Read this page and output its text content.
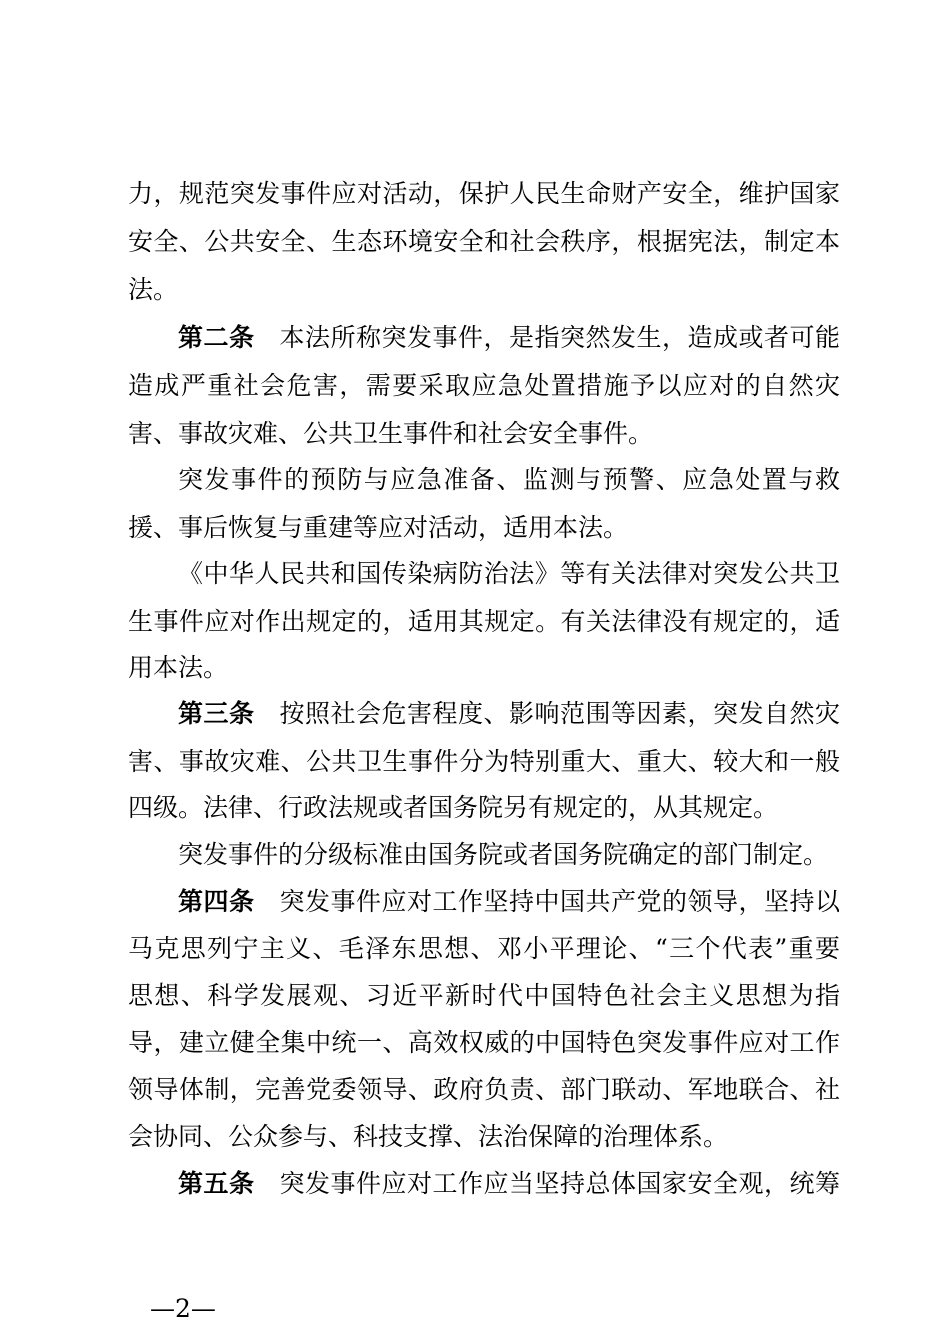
力，规范突发事件应对活动，保护人民生命财产安全，维护国家
安全、公共安全、生态环境安全和社会秩序，根据宪法，制定本
法。
第二条 本法所称突发事件，是指突然发生，造成或者可能
造成严重社会危害，需要采取应急处置措施予以应对的自然灾
害、事故灾难、公共卫生事件和社会安全事件。
突发事件的预防与应急准备、监测与预警、应急处置与救
援、事后恢复与重建等应对活动，适用本法。
《中华人民共和国传染病防治法》等有关法律对突发公共卫
生事件应对作出规定的，适用其规定。有关法律没有规定的，适
用本法。
第三条 按照社会危害程度、影响范围等因素，突发自然灾
害、事故灾难、公共卫生事件分为特别重大、重大、较大和一般
四级。法律、行政法规或者国务院另有规定的，从其规定。
突发事件的分级标准由国务院或者国务院确定的部门制定。
第四条 突发事件应对工作坚持中国共产党的领导，坚持以
马克思列宁主义、毛泽东思想、邓小平理论、“三个代表”重要
思想、科学发展观、习近平新时代中国特色社会主义思想为指
导，建立健全集中统一、高效权威的中国特色突发事件应对工作
领导体制，完善党委领导、政府负责、部门联动、军地联合、社
会协同、公众参与、科技支撑、法治保障的治理体系。
第五条 突发事件应对工作应当坚持总体国家安全观，统筹
—2—
